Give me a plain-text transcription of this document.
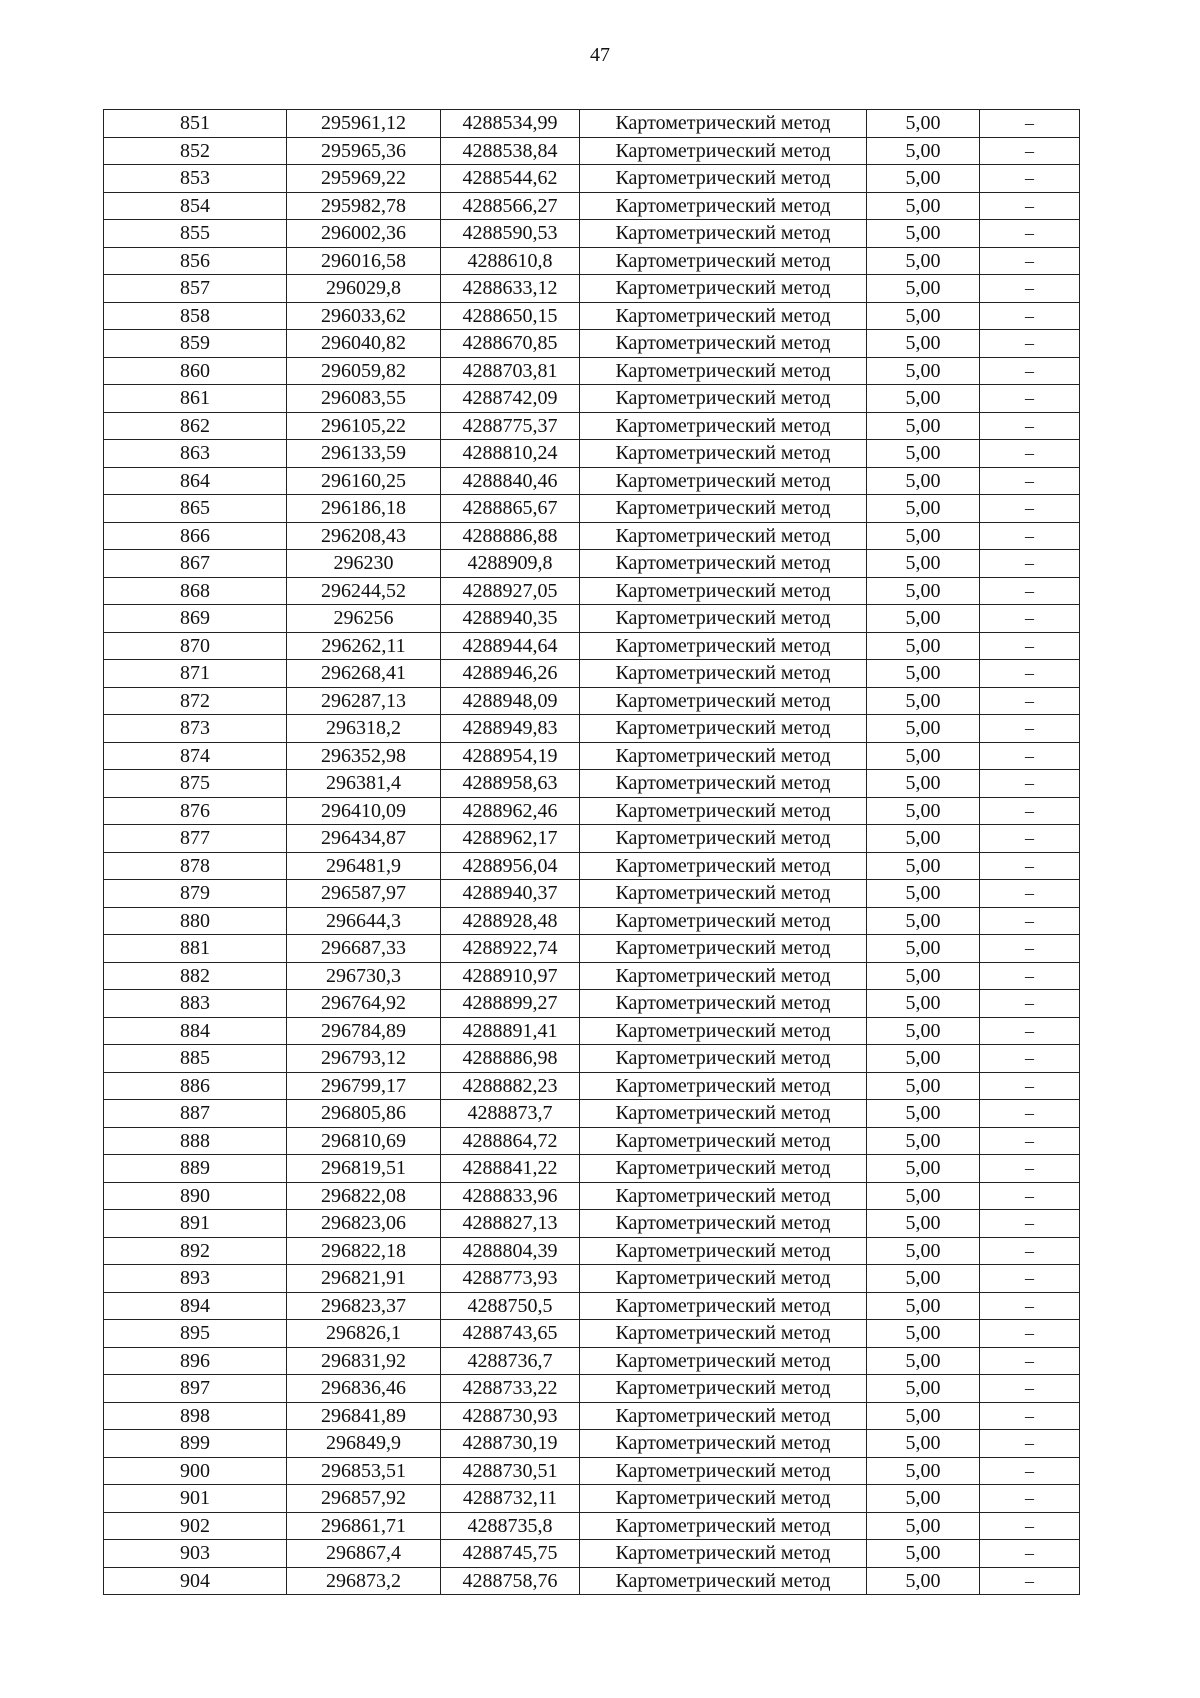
47
851	295961,12	4288534,99	Картометрический метод	5,00	–
852	295965,36	4288538,84	Картометрический метод	5,00	–
853	295969,22	4288544,62	Картометрический метод	5,00	–
854	295982,78	4288566,27	Картометрический метод	5,00	–
855	296002,36	4288590,53	Картометрический метод	5,00	–
856	296016,58	4288610,8	Картометрический метод	5,00	–
857	296029,8	4288633,12	Картометрический метод	5,00	–
858	296033,62	4288650,15	Картометрический метод	5,00	–
859	296040,82	4288670,85	Картометрический метод	5,00	–
860	296059,82	4288703,81	Картометрический метод	5,00	–
861	296083,55	4288742,09	Картометрический метод	5,00	–
862	296105,22	4288775,37	Картометрический метод	5,00	–
863	296133,59	4288810,24	Картометрический метод	5,00	–
864	296160,25	4288840,46	Картометрический метод	5,00	–
865	296186,18	4288865,67	Картометрический метод	5,00	–
866	296208,43	4288886,88	Картометрический метод	5,00	–
867	296230	4288909,8	Картометрический метод	5,00	–
868	296244,52	4288927,05	Картометрический метод	5,00	–
869	296256	4288940,35	Картометрический метод	5,00	–
870	296262,11	4288944,64	Картометрический метод	5,00	–
871	296268,41	4288946,26	Картометрический метод	5,00	–
872	296287,13	4288948,09	Картометрический метод	5,00	–
873	296318,2	4288949,83	Картометрический метод	5,00	–
874	296352,98	4288954,19	Картометрический метод	5,00	–
875	296381,4	4288958,63	Картометрический метод	5,00	–
876	296410,09	4288962,46	Картометрический метод	5,00	–
877	296434,87	4288962,17	Картометрический метод	5,00	–
878	296481,9	4288956,04	Картометрический метод	5,00	–
879	296587,97	4288940,37	Картометрический метод	5,00	–
880	296644,3	4288928,48	Картометрический метод	5,00	–
881	296687,33	4288922,74	Картометрический метод	5,00	–
882	296730,3	4288910,97	Картометрический метод	5,00	–
883	296764,92	4288899,27	Картометрический метод	5,00	–
884	296784,89	4288891,41	Картометрический метод	5,00	–
885	296793,12	4288886,98	Картометрический метод	5,00	–
886	296799,17	4288882,23	Картометрический метод	5,00	–
887	296805,86	4288873,7	Картометрический метод	5,00	–
888	296810,69	4288864,72	Картометрический метод	5,00	–
889	296819,51	4288841,22	Картометрический метод	5,00	–
890	296822,08	4288833,96	Картометрический метод	5,00	–
891	296823,06	4288827,13	Картометрический метод	5,00	–
892	296822,18	4288804,39	Картометрический метод	5,00	–
893	296821,91	4288773,93	Картометрический метод	5,00	–
894	296823,37	4288750,5	Картометрический метод	5,00	–
895	296826,1	4288743,65	Картометрический метод	5,00	–
896	296831,92	4288736,7	Картометрический метод	5,00	–
897	296836,46	4288733,22	Картометрический метод	5,00	–
898	296841,89	4288730,93	Картометрический метод	5,00	–
899	296849,9	4288730,19	Картометрический метод	5,00	–
900	296853,51	4288730,51	Картометрический метод	5,00	–
901	296857,92	4288732,11	Картометрический метод	5,00	–
902	296861,71	4288735,8	Картометрический метод	5,00	–
903	296867,4	4288745,75	Картометрический метод	5,00	–
904	296873,2	4288758,76	Картометрический метод	5,00	–
